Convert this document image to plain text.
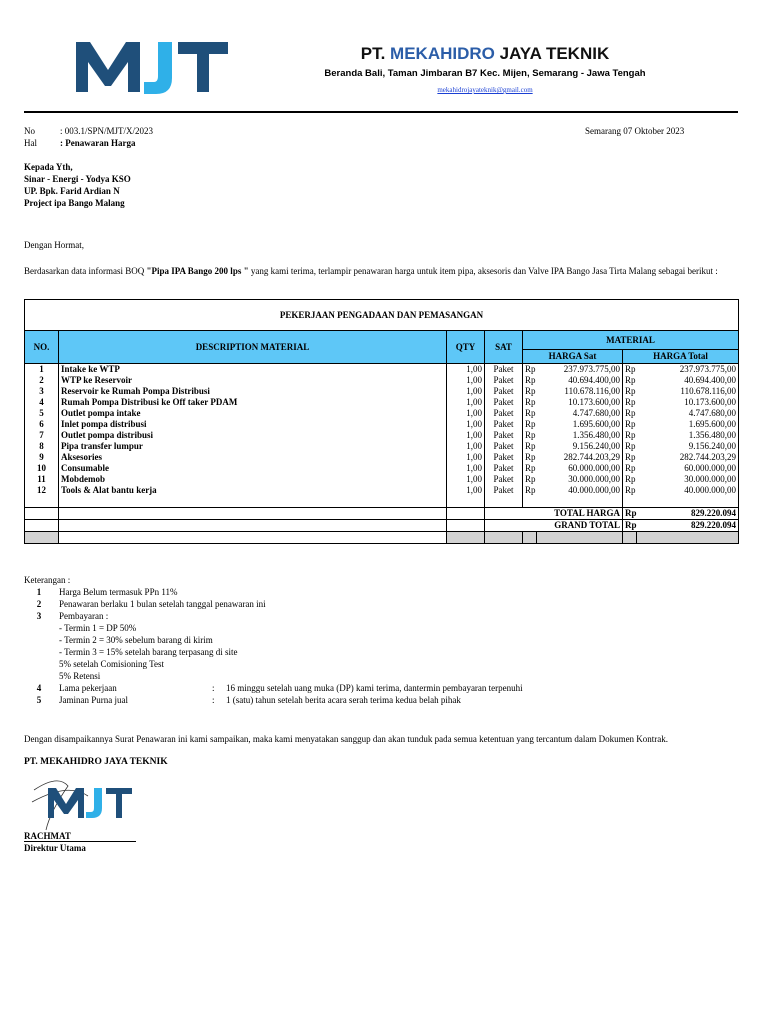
PT. MEKAHIDRO JAYA TEKNIK
Beranda Bali, Taman Jimbaran B7 Kec. Mijen, Semarang - Jawa Tengah
mekahidrojayateknik@gmail.com
No	: 003.1/SPN/MJT/X/2023
Hal	: Penawaran Harga
Semarang 07 Oktober 2023
Kepada Yth,
Sinar - Energi - Yodya KSO
UP. Bpk. Farid Ardian N
Project ipa Bango Malang
Dengan Hormat,
Berdasarkan data informasi BOQ "Pipa IPA Bango 200 lps " yang kami terima, terlampir penawaran harga untuk item pipa, aksesoris dan Valve IPA Bango Jasa Tirta Malang sebagai berikut :
PEKERJAAN PENGADAAN DAN PEMASANGAN							
NO.	DESCRIPTION MATERIAL	QTY	SAT	MATERIAL			
				HARGA Sat		HARGA Total	
1	Intake ke WTP	1,00	Paket	Rp	237.973.775,00	Rp	237.973.775,00
2	WTP ke Reservoir	1,00	Paket	Rp	40.694.400,00	Rp	40.694.400,00
3	Reservoir ke Rumah Pompa Distribusi	1,00	Paket	Rp	110.678.116,00	Rp	110.678.116,00
4	Rumah Pompa Distribusi ke Off taker PDAM	1,00	Paket	Rp	10.173.600,00	Rp	10.173.600,00
5	Outlet pompa intake	1,00	Paket	Rp	4.747.680,00	Rp	4.747.680,00
6	Inlet pompa distribusi	1,00	Paket	Rp	1.695.600,00	Rp	1.695.600,00
7	Outlet pompa distribusi	1,00	Paket	Rp	1.356.480,00	Rp	1.356.480,00
8	Pipa transfer lumpur	1,00	Paket	Rp	9.156.240,00	Rp	9.156.240,00
9	Aksesories	1,00	Paket	Rp	282.744.203,29	Rp	282.744.203,29
10	Consumable	1,00	Paket	Rp	60.000.000,00	Rp	60.000.000,00
11	Mobdemob	1,00	Paket	Rp	30.000.000,00	Rp	30.000.000,00
12	Tools & Alat bantu kerja	1,00	Paket	Rp	40.000.000,00	Rp	40.000.000,00

			TOTAL HARGA			Rp	829.220.094
			GRAND TOTAL			Rp	829.220.094

Keterangan :
1	Harga Belum termasuk PPn 11%
2	Penawaran berlaku 1 bulan setelah tanggal penawaran ini
3	Pembayaran :
- Termin 1 = DP 50%
- Termin 2 = 30% sebelum barang di kirim
- Termin 3 = 15% setelah barang terpasang di site
5% setelah Comisioning Test
5% Retensi
4	Lama pekerjaan	: 16 minggu setelah uang muka (DP) kami terima, dantermin pembayaran terpenuhi
5	Jaminan Purna jual	: 1 (satu) tahun setelah berita acara serah terima kedua belah pihak
Dengan disampaikannya Surat Penawaran ini kami sampaikan, maka kami menyatakan sanggup dan akan tunduk pada semua ketentuan yang tercantum dalam Dokumen Kontrak.
PT. MEKAHIDRO JAYA TEKNIK
RACHMAT
Direktur Utama
